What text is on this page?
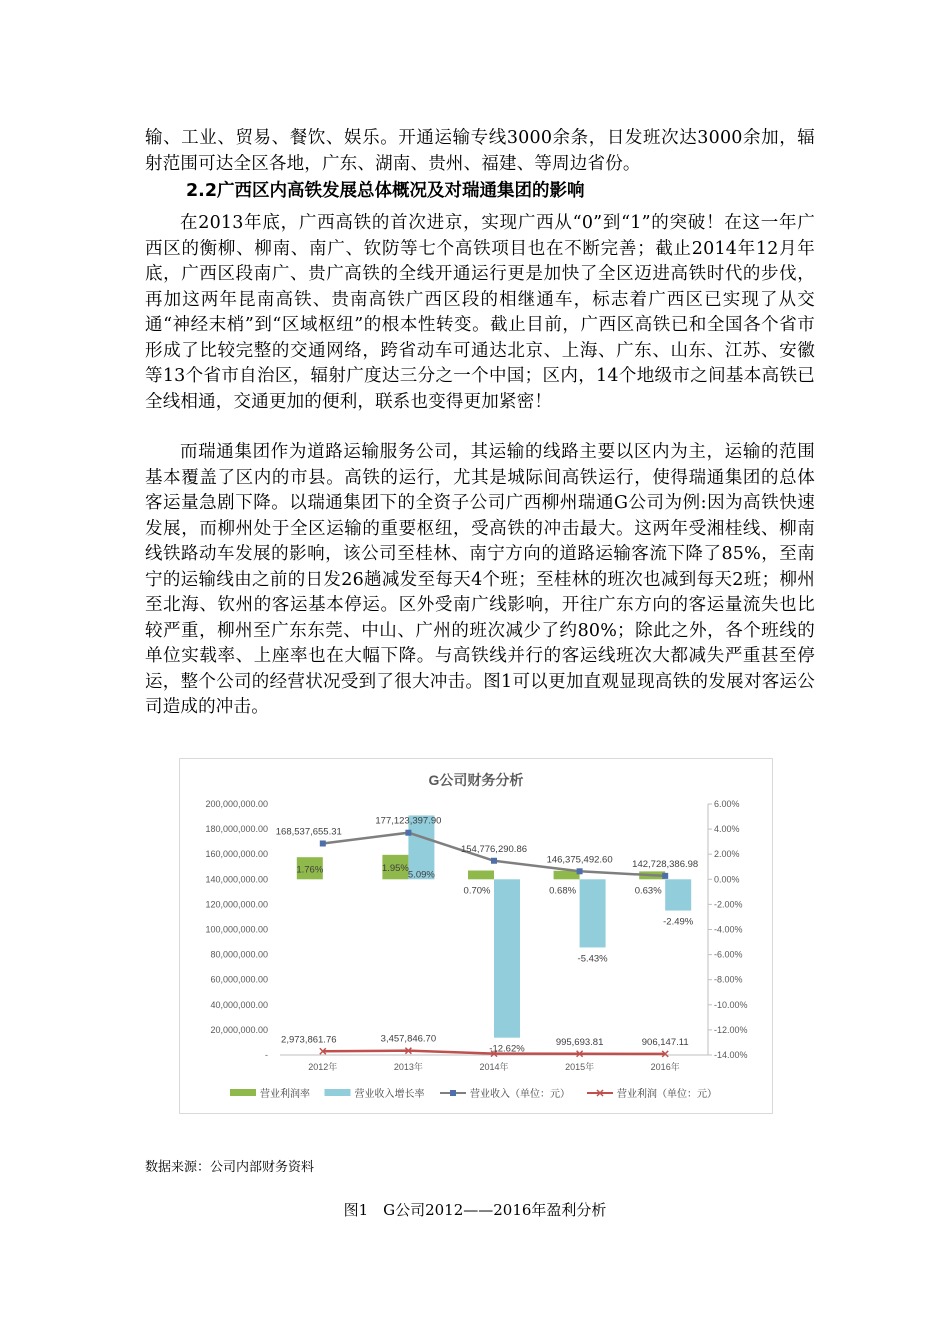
输、工业、贸易、餐饮、娱乐。开通运输专线3000余条，日发班次达3000余加，辐射范围可达全区各地，广东、湖南、贵州、福建、等周边省份。

2.2广西区内高铁发展总体概况及对瑞通集团的影响

在2013年底，广西高铁的首次进京，实现广西从“0”到“1”的突破！在这一年广西区的衡柳、柳南、南广、钦防等七个高铁项目也在不断完善；截止2014年12月年底，广西区段南广、贵广高铁的全线开通运行更是加快了全区迈进高铁时代的步伐，再加这两年昆南高铁、贵南高铁广西区段的相继通车，标志着广西区已实现了从交通“神经末梢”到“区域枢纽”的根本性转变。截止目前，广西区高铁已和全国各个省市形成了比较完整的交通网络，跨省动车可通达北京、上海、广东、山东、江苏、安徽等13个省市自治区，辐射广度达三分之一个中国；区内，14个地级市之间基本高铁已全线相通，交通更加的便利，联系也变得更加紧密！

而瑞通集团作为道路运输服务公司，其运输的线路主要以区内为主，运输的范围基本覆盖了区内的市县。高铁的运行，尤其是城际间高铁运行，使得瑞通集团的总体客运量急剧下降。以瑞通集团下的全资子公司广西柳州瑞通G公司为例:因为高铁快速发展，而柳州处于全区运输的重要枢纽，受高铁的冲击最大。这两年受湘桂线、柳南线铁路动车发展的影响，该公司至桂林、南宁方向的道路运输客流下降了85%，至南宁的运输线由之前的日发26趟减发至每天4个班；至桂林的班次也减到每天2班；柳州至北海、钦州的客运基本停运。区外受南广线影响，开往广东方向的客运量流失也比较严重，柳州至广东东莞、中山、广州的班次减少了约80%；除此之外，各个班线的单位实载率、上座率也在大幅下降。与高铁线并行的客运线班次大都减失严重甚至停运，整个公司的经营状况受到了很大冲击。图1可以更加直观显现高铁的发展对客运公司造成的冲击。

G公司财务分析
-
20,000,000.00
40,000,000.00
60,000,000.00
80,000,000.00
100,000,000.00
120,000,000.00
140,000,000.00
160,000,000.00
180,000,000.00
200,000,000.00
-14.00%
-12.00%
-10.00%
-8.00%
-6.00%
-4.00%
-2.00%
0.00%
2.00%
4.00%
6.00%
2012年	2013年	2014年	2015年	2016年
1.76%	1.95%
0.70%	0.68%	0.63%
5.09%
-12.62%
-5.43%
-2.49%
168,537,655.31
177,123,397.90
154,776,290.86
146,375,492.60 142,728,386.98
2,973,861.76	3,457,846.70	995,693.81	906,147.11
营业利润率	营业收入增长率	营业收入（单位：元）	营业利润（单位：元）
数据来源：公司内部财务资料
图1　G公司2012——2016年盈利分析
